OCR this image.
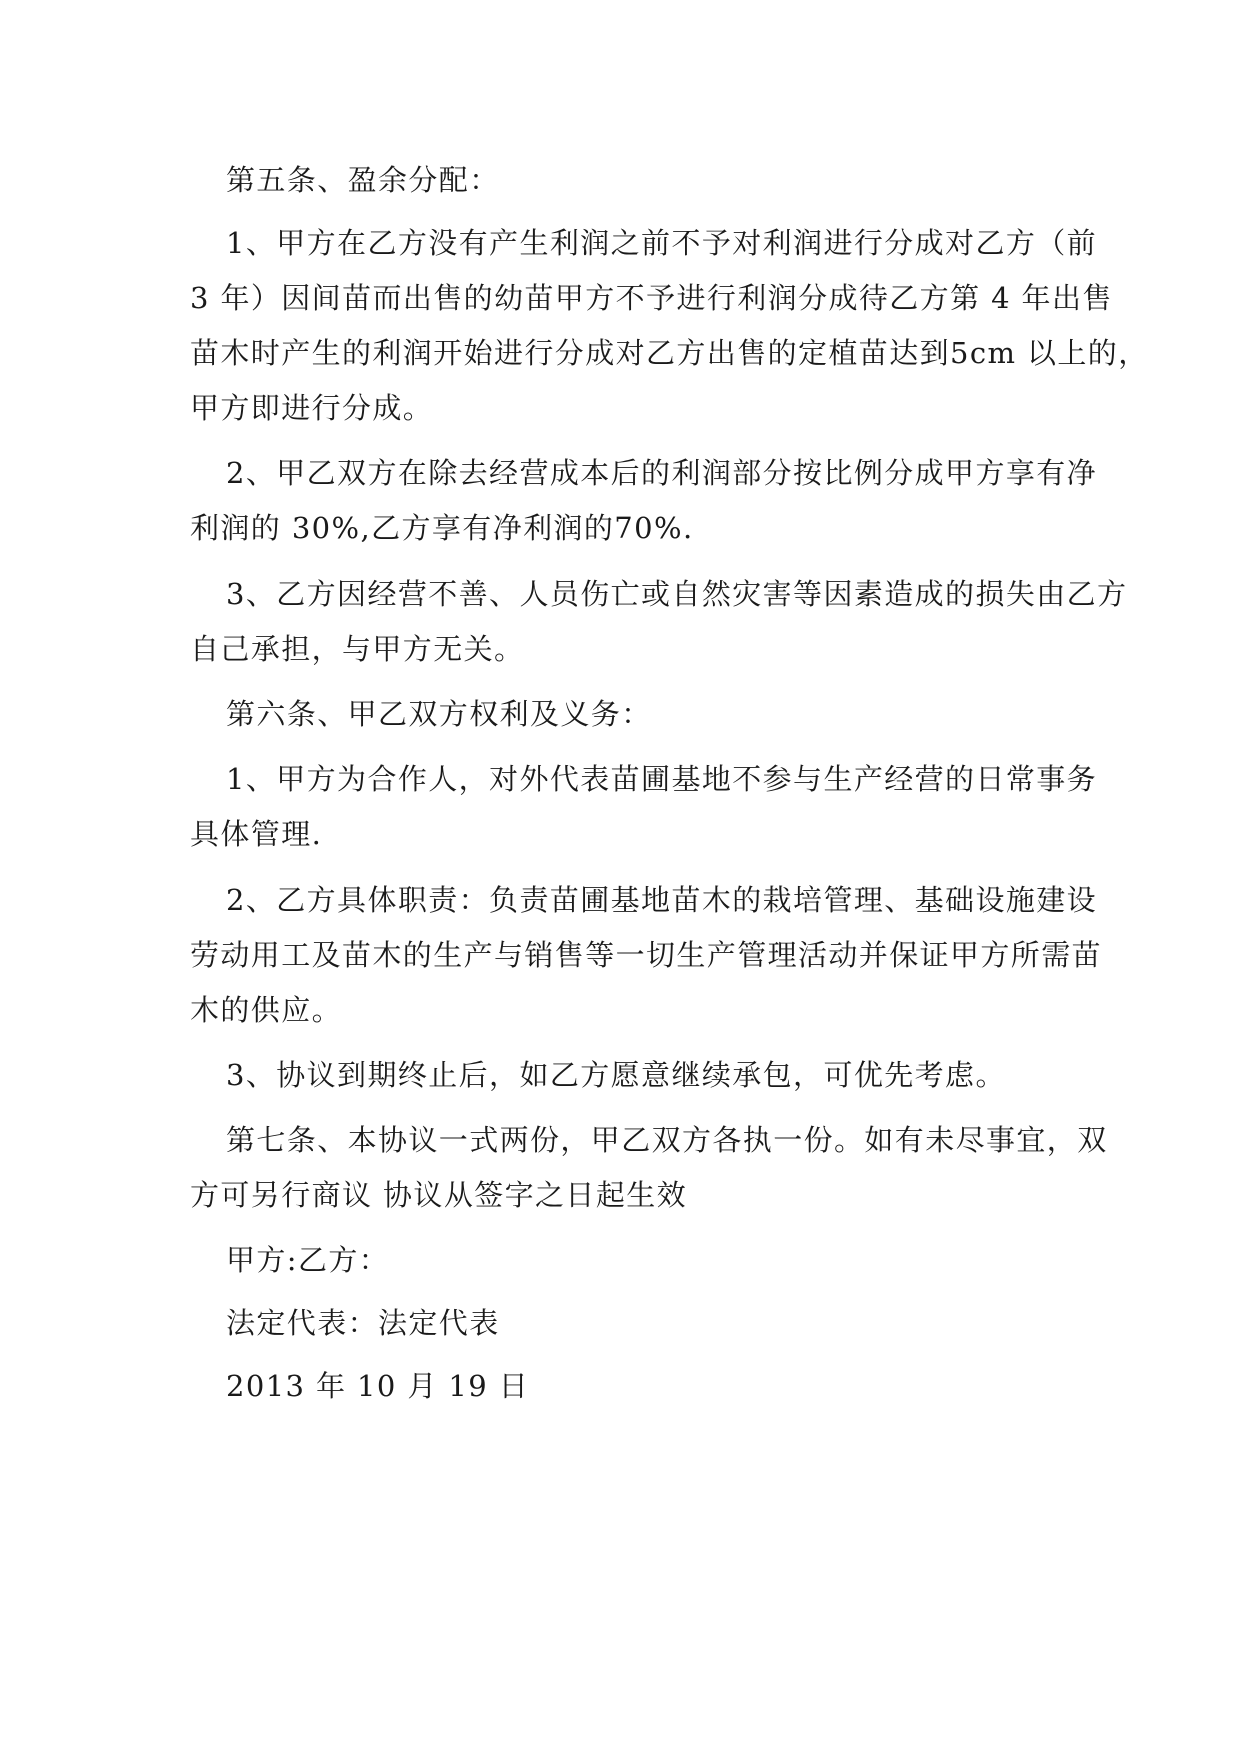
第五条、盈余分配：
1、甲方在乙方没有产生利润之前不予对利润进行分成对乙方（前
3 年）因间苗而出售的幼苗甲方不予进行利润分成待乙方第 4 年出售
苗木时产生的利润开始进行分成对乙方出售的定植苗达到5cm 以上的，
甲方即进行分成。
2、甲乙双方在除去经营成本后的利润部分按比例分成甲方享有净
利润的 30%,乙方享有净利润的70%.
3、乙方因经营不善、人员伤亡或自然灾害等因素造成的损失由乙方
自己承担，与甲方无关。
第六条、甲乙双方权利及义务：
1、甲方为合作人，对外代表苗圃基地不参与生产经营的日常事务
具体管理.
2、乙方具体职责：负责苗圃基地苗木的栽培管理、基础设施建设
劳动用工及苗木的生产与销售等一切生产管理活动并保证甲方所需苗
木的供应。
3、协议到期终止后，如乙方愿意继续承包，可优先考虑。
第七条、本协议一式两份，甲乙双方各执一份。如有未尽事宜，双
方可另行商议 协议从签字之日起生效
甲方:乙方：
法定代表：法定代表
2013 年 10 月 19 日
